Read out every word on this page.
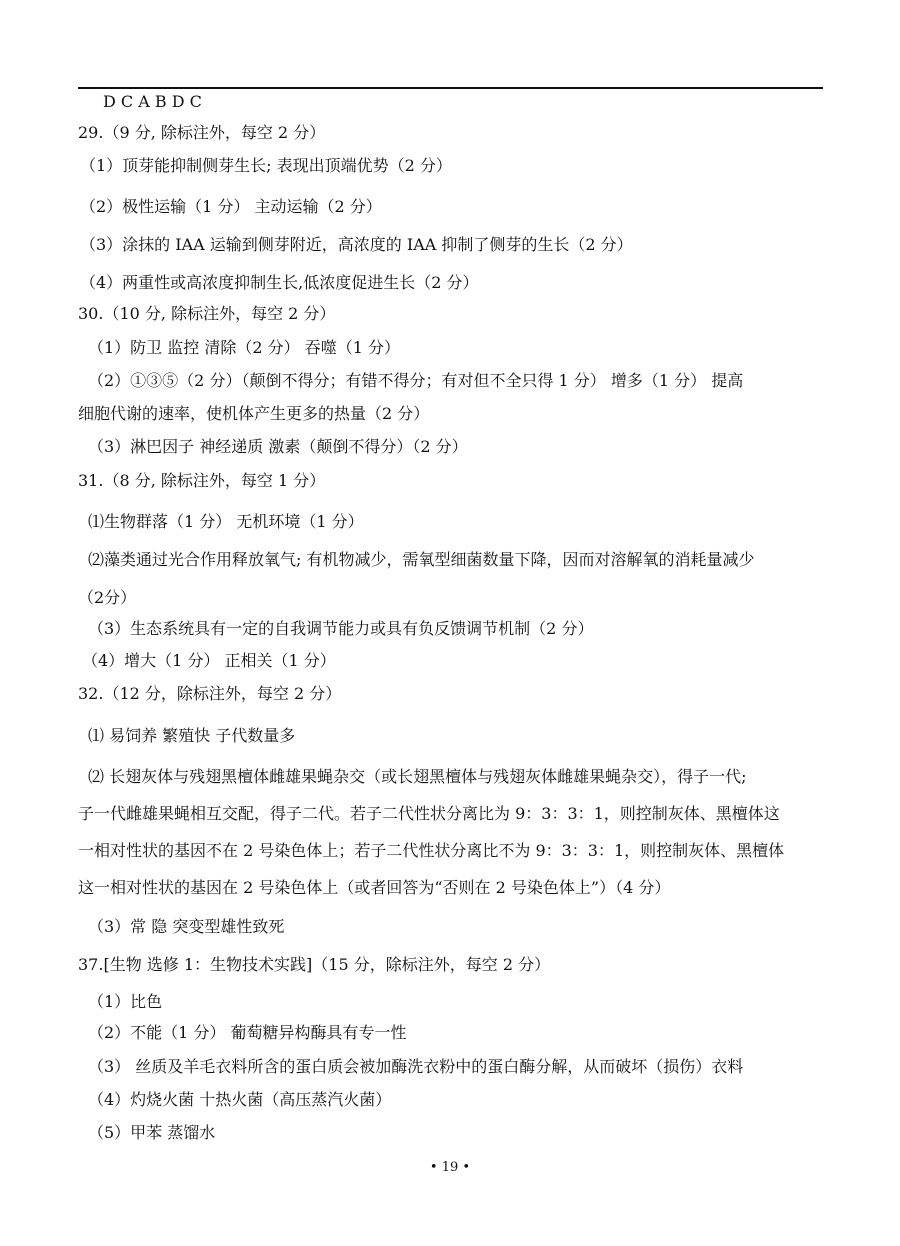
D C A B D C
29.（9 分, 除标注外，每空 2 分）
（1）顶芽能抑制侧芽生长; 表现出顶端优势（2 分）
（2）极性运输（1 分） 主动运输（2 分）
（3）涂抹的 IAA 运输到侧芽附近，高浓度的 IAA 抑制了侧芽的生长（2 分）
（4）两重性或高浓度抑制生长,低浓度促进生长（2 分）
30.（10 分, 除标注外，每空 2 分）
（1）防卫 监控 清除（2 分） 吞噬（1 分）
（2）①③⑤（2 分）（颠倒不得分；有错不得分；有对但不全只得 1 分） 增多（1 分） 提高
细胞代谢的速率，使机体产生更多的热量（2 分）
（3）淋巴因子 神经递质 激素（颠倒不得分）（2 分）
31.（8 分, 除标注外，每空 1 分）
⑴生物群落（1 分） 无机环境（1 分）
⑵藻类通过光合作用释放氧气; 有机物减少，需氧型细菌数量下降，因而对溶解氧的消耗量减少
（2分）
（3）生态系统具有一定的自我调节能力或具有负反馈调节机制（2 分）
（4）增大（1 分） 正相关（1 分）
32.（12 分，除标注外，每空 2 分）
⑴ 易饲养 繁殖快 子代数量多
⑵ 长翅灰体与残翅黑檀体雌雄果蝇杂交（或长翅黑檀体与残翅灰体雌雄果蝇杂交），得子一代;
子一代雌雄果蝇相互交配，得子二代。若子二代性状分离比为 9：3：3：1，则控制灰体、黑檀体这
一相对性状的基因不在 2 号染色体上；若子二代性状分离比不为 9：3：3：1，则控制灰体、黑檀体
这一相对性状的基因在 2 号染色体上（或者回答为“否则在 2 号染色体上”）（4 分）
（3）常 隐 突变型雄性致死
37.[生物 选修 1：生物技术实践]（15 分，除标注外，每空 2 分）
（1）比色
（2）不能（1 分） 葡萄糖异构酶具有专一性
（3） 丝质及羊毛衣料所含的蛋白质会被加酶洗衣粉中的蛋白酶分解，从而破坏（损伤）衣料
（4）灼烧火菌 十热火菌（高压蒸汽火菌）
（5）甲苯 蒸馏水
• 19 •
